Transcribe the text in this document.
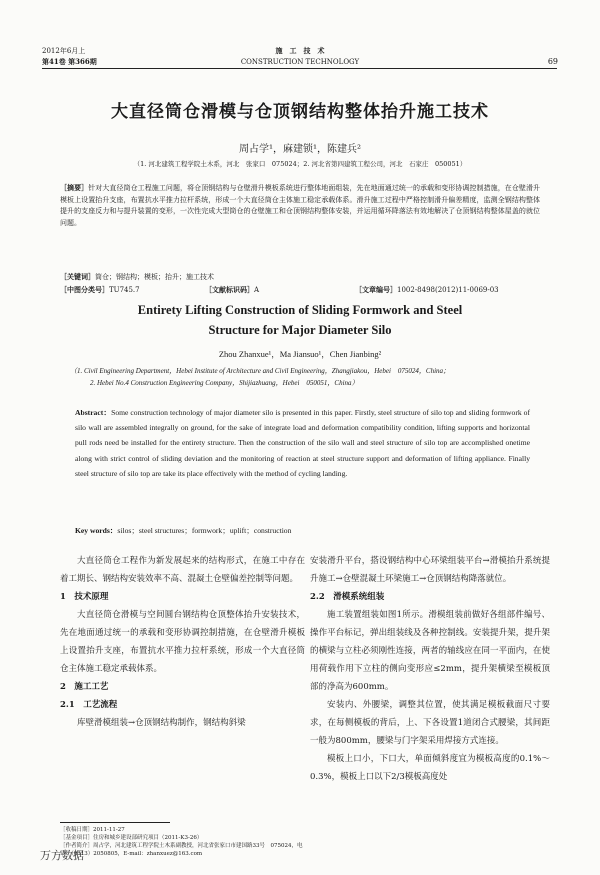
2012年6月上
第41卷 第366期
施　工　技　术
CONSTRUCTION TECHNOLOGY	69
大直径筒仓滑模与仓顶钢结构整体抬升施工技术
周占学¹，麻建锁¹，陈建兵²
（1. 河北建筑工程学院土木系，河北　张家口　075024；2. 河北省第四建筑工程公司，河北　石家庄　050051）
［摘要］针对大直径筒仓工程施工问题，将仓顶钢结构与仓壁滑升模板系统进行整体地面组装，先在地面通过统一的承载和变形协调控制措施，在仓壁滑升模板上设置抬升支座，布置抗水平推力拉杆系统，形成一个大直径筒仓主体施工稳定承载体系。滑升施工过程中严格控制滑升偏差精度，监测全钢结构整体提升的支座反力和与提升装置的变形，一次性完成大型筒仓的仓壁施工和仓顶钢结构整体安装，并运用循环降落法有效地解决了仓顶钢结构整体屋盖的就位问题。
［关键词］筒仓；钢结构；模板；抬升；施工技术
［中图分类号］TU745.7	［文献标识码］A	［文章编号］1002-8498(2012)11-0069-03
Entirety Lifting Construction of Sliding Formwork and Steel
Structure for Major Diameter Silo
Zhou Zhanxue¹，Ma Jiansuo¹，Chen Jianbing²
（1. Civil Engineering Department，Hebei Institute of Architecture and Civil Engineering，Zhangjiakou，Hebei　075024，China；
2. Hebei No.4 Construction Engineering Company，Shijiazhuang，Hebei　050051，China）
Abstract：Some construction technology of major diameter silo is presented in this paper. Firstly, steel structure of silo top and sliding formwork of silo wall are assembled integrally on ground, for the sake of integrate load and deformation compatibility condition, lifting supports and horizontal pull rods need be installed for the entirety structure. Then the construction of the silo wall and steel structure of silo top are accomplished onetime along with strict control of sliding deviation and the monitoring of reaction at steel structure support and deformation of lifting appliance. Finally steel structure of silo top are take its place effectively with the method of cycling landing.
Key words：silos；steel structures；formwork；uplift；construction

大直径筒仓工程作为新发展起来的结构形式，在施工中存在着工期长、钢结构安装效率不高、混凝土仓壁偏差控制等问题。

1　技术原理

大直径筒仓滑模与空间圆台钢结构仓顶整体抬升安装技术，先在地面通过统一的承载和变形协调控制措施，在仓壁滑升模板上设置抬升支座，布置抗水平推力拉杆系统，形成一个大直径筒仓主体施工稳定承载体系。

2　施工工艺

2.1　工艺流程

库壁滑模组装→仓顶钢结构制作，钢结构斜梁

［收稿日期］2011-11-27
［基金项目］住房和城乡建设部研究项目（2011-K3-26）
［作者简介］周占学，河北建筑工程学院土木系副教授，河北省张家口市建国路33号　075024，电话：（0313）2050805，E-mail：zhanxuez@163.com

安装滑升平台，搭设钢结构中心环梁组装平台→滑模抬升系统提升施工→仓壁混凝土环梁施工→仓顶钢结构降落就位。

2.2　滑模系统组装

施工装置组装如图1所示。滑模组装前做好各组部件编号、操作平台标记，弹出组装线及各种控制线。安装提升架，提升架的横梁与立柱必须刚性连接，两者的轴线应在同一平面内，在使用荷载作用下立柱的侧向变形应≤2mm，提升架横梁至模板顶部的净高为600mm。

安装内、外腰梁，调整其位置，使其满足模板截面尺寸要求，在每侧模板的背后，上、下各设置1道闭合式腰梁，其间距一般为800mm，腰梁与门字架采用焊接方式连接。

模板上口小，下口大，单面倾斜度宜为模板高度的0.1%～0.3%，模板上口以下2/3模板高度处

万方数据
